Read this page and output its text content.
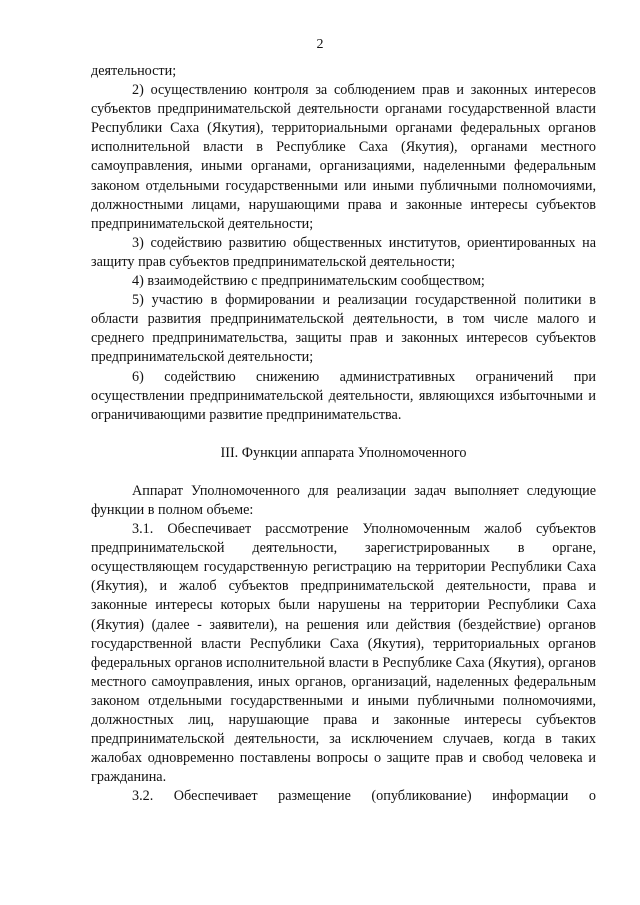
2

деятельности;

2) осуществлению контроля за соблюдением прав и законных интересов субъектов предпринимательской деятельности органами государственной власти Республики Саха (Якутия), территориальными органами федеральных органов исполнительной власти в Республике Саха (Якутия), органами местного самоуправления, иными органами, организациями, наделенными федеральным законом отдельными государственными или иными публичными полномочиями, должностными лицами, нарушающими права и законные интересы субъектов предпринимательской деятельности;

3) содействию развитию общественных институтов, ориентированных на защиту прав субъектов предпринимательской деятельности;

4) взаимодействию с предпринимательским сообществом;

5) участию в формировании и реализации государственной политики в области развития предпринимательской деятельности, в том числе малого и среднего предпринимательства, защиты прав и законных интересов субъектов предпринимательской деятельности;

6) содействию снижению административных ограничений при осуществлении предпринимательской деятельности, являющихся избыточными и ограничивающими развитие предпринимательства.

III. Функции аппарата Уполномоченного

Аппарат Уполномоченного для реализации задач выполняет следующие функции в полном объеме:

3.1. Обеспечивает рассмотрение Уполномоченным жалоб субъектов предпринимательской деятельности, зарегистрированных в органе, осуществляющем государственную регистрацию на территории Республики Саха (Якутия), и жалоб субъектов предпринимательской деятельности, права и законные интересы которых были нарушены на территории Республики Саха (Якутия) (далее - заявители), на решения или действия (бездействие) органов государственной власти Республики Саха (Якутия), территориальных органов федеральных органов исполнительной власти в Республике Саха (Якутия), органов местного самоуправления, иных органов, организаций, наделенных федеральным законом отдельными государственными и иными публичными полномочиями, должностных лиц, нарушающие права и законные интересы субъектов предпринимательской деятельности, за исключением случаев, когда в таких жалобах одновременно поставлены вопросы о защите прав и свобод человека и гражданина.

3.2. Обеспечивает размещение (опубликование) информации о
